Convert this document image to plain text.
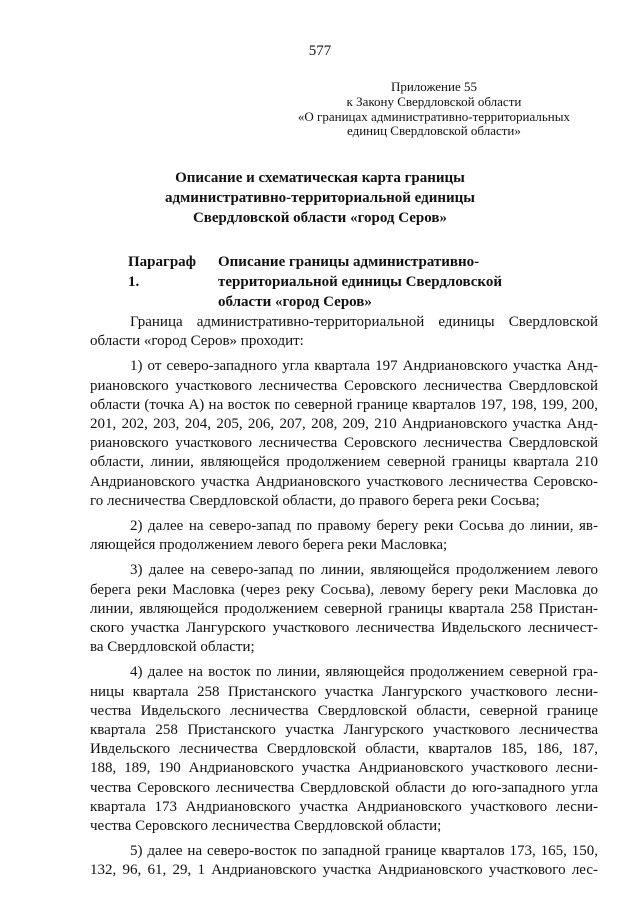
577
Приложение 55
к Закону Свердловской области
«О границах административно-территориальных
единиц Свердловской области»
Описание и схематическая карта границы
административно-территориальной единицы
Свердловской области «город Серов»
Параграф 1.
Описание границы административно-
территориальной единицы Свердловской
области «город Серов»
Граница административно-территориальной единицы Свердловской
области «город Серов» проходит:
1) от северо-западного угла квартала 197 Андриановского участка Анд-
риановского участкового лесничества Серовского лесничества Свердловской
области (точка А) на восток по северной границе кварталов 197, 198, 199, 200,
201, 202, 203, 204, 205, 206, 207, 208, 209, 210 Андриановского участка Анд-
риановского участкового лесничества Серовского лесничества Свердловской
области, линии, являющейся продолжением северной границы квартала 210
Андриановского участка Андриановского участкового лесничества Серовско-
го лесничества Свердловской области, до правого берега реки Сосьва;
2) далее на северо-запад по правому берегу реки Сосьва до линии, яв-
ляющейся продолжением левого берега реки Масловка;
3) далее на северо-запад по линии, являющейся продолжением левого
берега реки Масловка (через реку Сосьва), левому берегу реки Масловка до
линии, являющейся продолжением северной границы квартала 258 Пристан-
ского участка Лангурского участкового лесничества Ивдельского лесничест-
ва Свердловской области;
4) далее на восток по линии, являющейся продолжением северной гра-
ницы квартала 258 Пристанского участка Лангурского участкового лесни-
чества Ивдельского лесничества Свердловской области, северной границе
квартала 258 Пристанского участка Лангурского участкового лесничества
Ивдельского лесничества Свердловской области, кварталов 185, 186, 187,
188, 189, 190 Андриановского участка Андриановского участкового лесни-
чества Серовского лесничества Свердловской области до юго-западного угла
квартала 173 Андриановского участка Андриановского участкового лесни-
чества Серовского лесничества Свердловской области;
5) далее на северо-восток по западной границе кварталов 173, 165, 150,
132, 96, 61, 29, 1 Андриановского участка Андриановского участкового лес-
